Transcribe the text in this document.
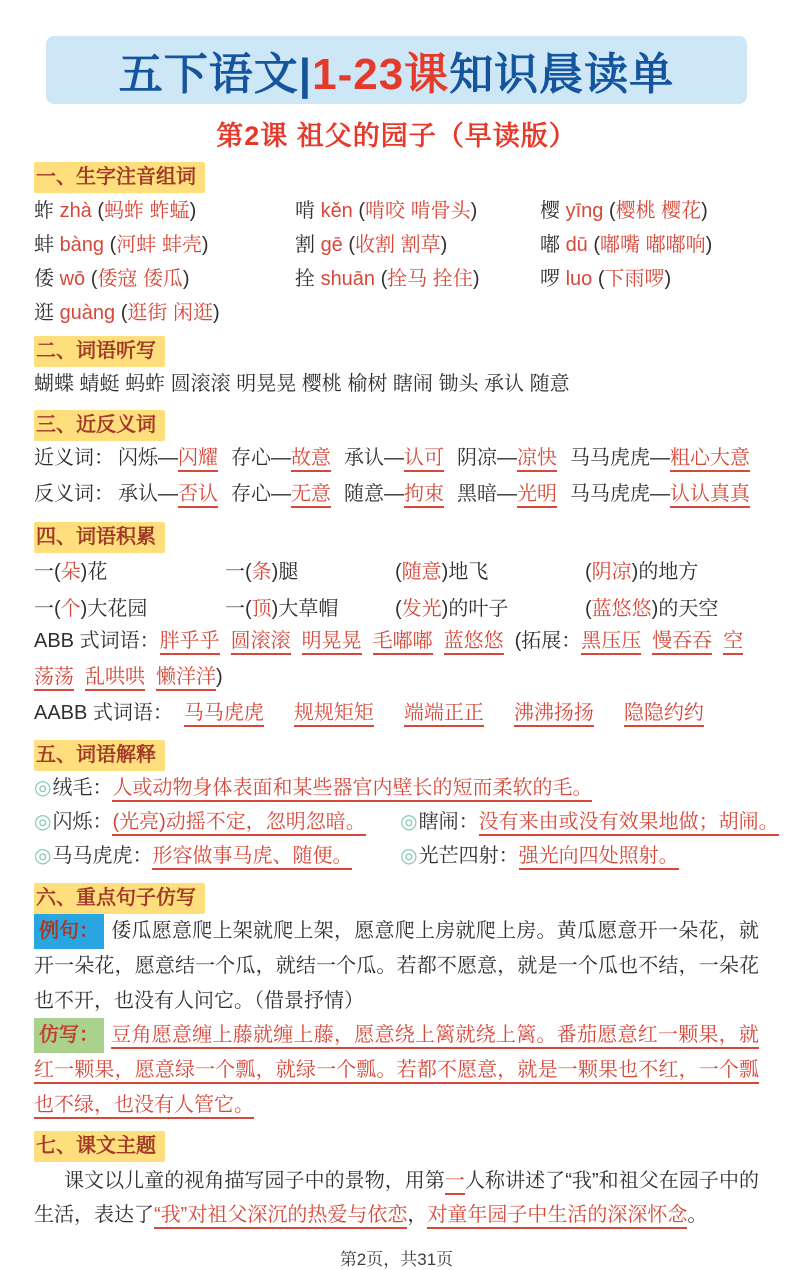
五下语文| 1-23课 知识晨读单
第2课 祖父的园子（早读版）
一、生字注音组词
蚱 zhà (蚂蚱 蚱蜢)	啃 kěn (啃咬 啃骨头)	樱 yīng (樱桃 樱花)
蚌 bàng (河蚌 蚌壳)	割 gē (收割 割草)	嘟 dū (嘟嘴 嘟嘟响)
倭 wō (倭寇 倭瓜)	拴 shuān (拴马 拴住)	啰 luo (下雨啰)
逛 guàng (逛街 闲逛)
二、词语听写
蝴蝶 蜻蜓 蚂蚱 圆滚滚 明晃晃 樱桃 榆树 瞎闹 锄头 承认 随意
三、近反义词
近义词： 闪烁—闪耀 存心—故意 承认—认可 阴凉—凉快 马马虎虎—粗心大意
反义词： 承认—否认 存心—无意 随意—拘束 黑暗—光明 马马虎虎—认认真真
四、词语积累
一(朵)花	一(条)腿	(随意)地飞	(阴凉)的地方
一(个)大花园	一(顶)大草帽	(发光)的叶子	(蓝悠悠)的天空
ABB 式词语：胖乎乎 圆滚滚 明晃晃 毛嘟嘟 蓝悠悠 (拓展：黑压压 慢吞吞 空荡荡 乱哄哄 懒洋洋)
AABB 式词语： 马马虎虎 规规矩矩 端端正正 沸沸扬扬 隐隐约约
五、词语解释
◎绒毛：人或动物身体表面和某些器官内壁长的短而柔软的毛。
◎闪烁：(光亮)动摇不定，忽明忽暗。	◎瞎闹：没有来由或没有效果地做；胡闹。
◎马马虎虎：形容做事马虎、随便。	◎光芒四射：强光向四处照射。
六、重点句子仿写

例句： 倭瓜愿意爬上架就爬上架，愿意爬上房就爬上房。黄瓜愿意开一朵花，就开一朵花，愿意结一个瓜，就结一个瓜。若都不愿意，就是一个瓜也不结，一朵花也不开，也没有人问它。（借景抒情）

仿写： 豆角愿意缠上藤就缠上藤，愿意绕上篱就绕上篱。番茄愿意红一颗果，就红一颗果，愿意绿一个瓢，就绿一个瓢。若都不愿意，就是一颗果也不红，一个瓢也不绿，也没有人管它。

七、课文主题

课文以儿童的视角描写园子中的景物，用第一人称讲述了“我”和祖父在园子中的生活，表达了“我”对祖父深沉的热爱与依恋，对童年园子中生活的深深怀念。

第2页，共31页
